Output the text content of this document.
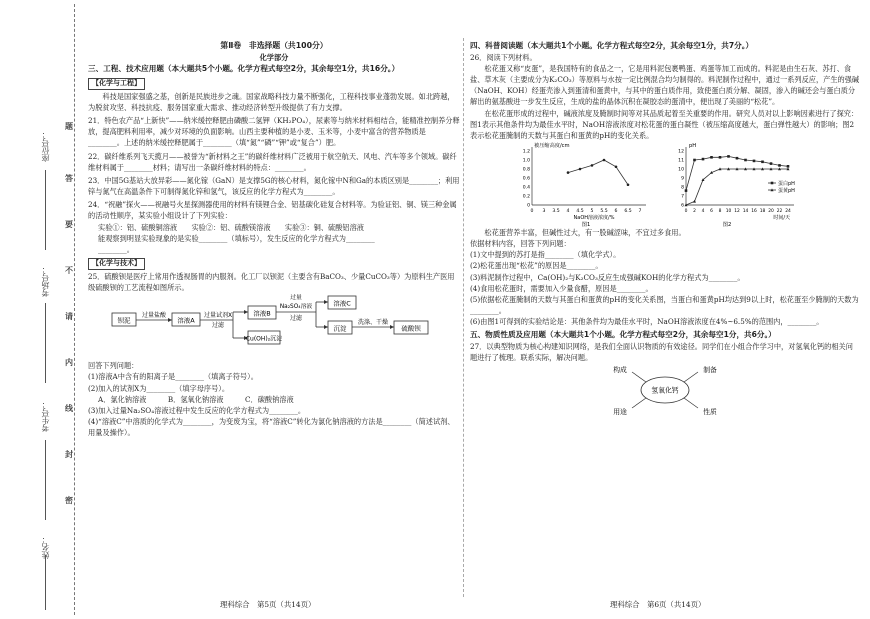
座位号：
考场号：
考生号：
姓名：
题
答
要
不
请
内
线
封
密

第Ⅱ卷　非选择题（共100分）

化学部分

三、工程、技术应用题（本大题共5个小题。化学方程式每空2分，其余每空1分，共16分。）

【化学与工程】

科技是国家强盛之基，创新是民族进步之魂。国家战略科技力量不断强化，工程科技事业蓬勃发展。如北跨越，为脱贫攻坚、科技抗疫、服务国家重大需求、推动经济转型升级提供了有力支撑。

21．特色农产品“上新快”——纳米缓控释肥由磷酸二氢钾（KH₂PO₄），尿素等与纳米材料相结合，能精准控制养分释放，提高肥料利用率，减少对环境的负面影响。山西主要种植的是小麦、玉米等，小麦中富含的营养物质是________。上述的纳米缓控释肥属于________（填“氮”“磷”“钾”或“复合”）肥。

22．碳纤维系列飞天揽月——被誉为“新材料之王”的碳纤维材料广泛被用于航空航天、风电、汽车等多个领域。碳纤维材料属于________材料；请写出一条碳纤维材料的特点：________。

23．中国5G基站大放异彩——氮化镓（GaN）是支撑5G的核心材料，氮化镓中N和Ga的本质区别是________；利用锌与氮气在高温条件下可制得氮化锌和氢气，该反应的化学方程式为________。

24．“祝融”探火——祝融号火星探测器使用的材料有镁锂合金、铝基碳化硅复合材料等。为验证铝、铜、镁三种金属的活动性顺序，某实验小组设计了下列实验：

实验①：铝、硫酸铜溶液　　实验②：铝、硫酸镁溶液　　实验③：铜、硫酸铝溶液

能观察到明显实验现象的是实验________（填标号），发生反应的化学方程式为________

________。

【化学与技术】

25．硫酸钡是医疗上常用作透视肠胃的内服剂。化工厂以钡泥（主要含有BaCO₃、少量CuCO₃等）为原料生产医用级硫酸钡的工艺流程如图所示。

钡泥
过量盐酸
溶液A
过量试剂X
过滤
溶液B
Cu(OH)₂沉淀
过量
Na₂SO₄溶液
过滤
溶液C
沉淀
洗涤、干燥
硫酸钡

回答下列问题：

(1)溶液A中含有的阳离子是________（填离子符号）。

(2)加入的试剂X为________（填字母序号）。

A．氯化钠溶液　　　B．氢氧化钠溶液　　　C．碳酸钠溶液

(3)加入过量Na₂SO₄溶液过程中发生反应的化学方程式为________。

(4)“溶液C”中溶质的化学式为________，为变废为宝，将“溶液C”转化为氯化钠溶液的方法是________（简述试剂、用量及操作）。

理科综合　第5页（共14页）

四、科普阅读题（本大题共1个小题。化学方程式每空2分，其余每空1分，共7分。）

26．阅读下列材料。

松花蛋又称“皮蛋”，是我国特有的食品之一，它是用料泥包裹鸭蛋、鸡蛋等加工而成的。料泥是由生石灰、苏打、食盐、草木灰（主要成分为K₂CO₃）等原料与水按一定比例混合均匀制得的。料泥制作过程中，通过一系列反应，产生的强碱（NaOH、KOH）经蛋壳渗入到蛋清和蛋黄中，与其中的蛋白质作用，致使蛋白质分解、凝固，渗入的碱还会与蛋白质分解出的氨基酸进一步发生反应，生成的盐的晶体沉积在凝胶态的蛋清中，便出现了美丽的“松花”。

在松花蛋形成的过程中，碱液浓度及腌制时间等对其品质起着至关重要的作用。研究人员对以上影响因素进行了探究：图1表示其他条件均为最佳水平时，NaOH溶液浓度对松花蛋的蛋白凝性（被压缩高度越大，蛋白弹性越大）的影响；图2表示松花蛋腌制的天数与其蛋白和蛋黄的pH的变化关系。

0 3 3.5 4 4.5 5 5.5 6 6.5 7
0
0.2
0.4
0.6
0.8
1.0
1.2
被压缩高度/cm
NaOH溶液浓度/%
图1
0 2 4 6 8 10 12 14 16 18 20 22 24
6
7
8
9
10
11
12
pH
时间/天
图2
蛋白pH
蛋黄pH

松花蛋营养丰富，但碱性过大，有一股碱涩味，不宜过多食用。

依据材料内容，回答下列问题：

(1)文中提到的苏打是指________（填化学式）。

(2)松花蛋出现“松花”的原因是________。

(3)料泥制作过程中，Ca(OH)₂与K₂CO₃反应生成强碱KOH的化学方程式为________。

(4)食用松花蛋时，需要加入少量食醋，原因是________。

(5)依据松花蛋腌制的天数与其蛋白和蛋黄的pH的变化关系图，当蛋白和蛋黄pH均达到9以上时，松花蛋至少腌制的天数为________。

(6)由图1可得到的实验结论是：其他条件均为最佳水平时，NaOH溶液浓度在4%~6.5%的范围内，________。

五、物质性质及应用题（本大题共1个小题。化学方程式每空2分，其余每空1分，共6分。）

27．以典型物质为核心构建知识网络，是我们全面认识物质的有效途径。同学们在小组合作学习中，对氢氧化钙的相关问题进行了梳理。联系实际，解决问题。

氢氧化钙
构成	制备
用途	性质
理科综合　第6页（共14页）
